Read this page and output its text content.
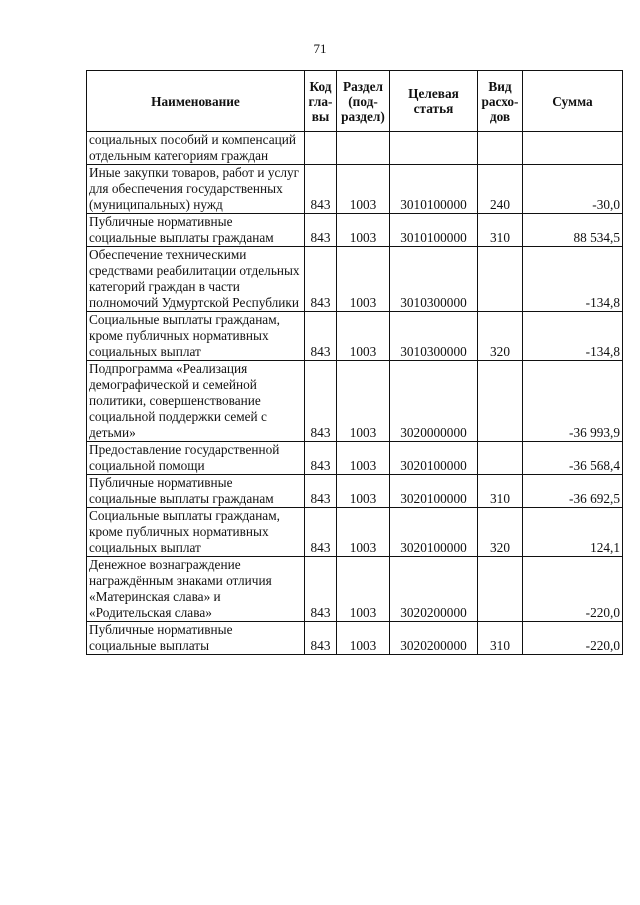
71
Наименование	Код гла- вы	Раздел (под- раздел)	Целевая статья	Вид расхо- дов	Сумма
социальных пособий и компенсаций отдельным категориям граждан					
Иные закупки товаров, работ и услуг для обеспечения государственных (муниципальных) нужд	843	1003	3010100000	240	-30,0
Публичные нормативные социальные выплаты гражданам	843	1003	3010100000	310	88 534,5
Обеспечение техническими средствами реабилитации отдельных категорий граждан в части полномочий Удмуртской Республики	843	1003	3010300000		-134,8
Социальные выплаты гражданам, кроме публичных нормативных социальных выплат	843	1003	3010300000	320	-134,8
Подпрограмма «Реализация демографической и семейной политики, совершенствование социальной поддержки семей с детьми»	843	1003	3020000000		-36 993,9
Предоставление государственной социальной помощи	843	1003	3020100000		-36 568,4
Публичные нормативные социальные выплаты гражданам	843	1003	3020100000	310	-36 692,5
Социальные выплаты гражданам, кроме публичных нормативных социальных выплат	843	1003	3020100000	320	124,1
Денежное вознаграждение награждённым знаками отличия «Материнская слава» и «Родительская слава»	843	1003	3020200000		-220,0
Публичные нормативные социальные выплаты	843	1003	3020200000	310	-220,0
